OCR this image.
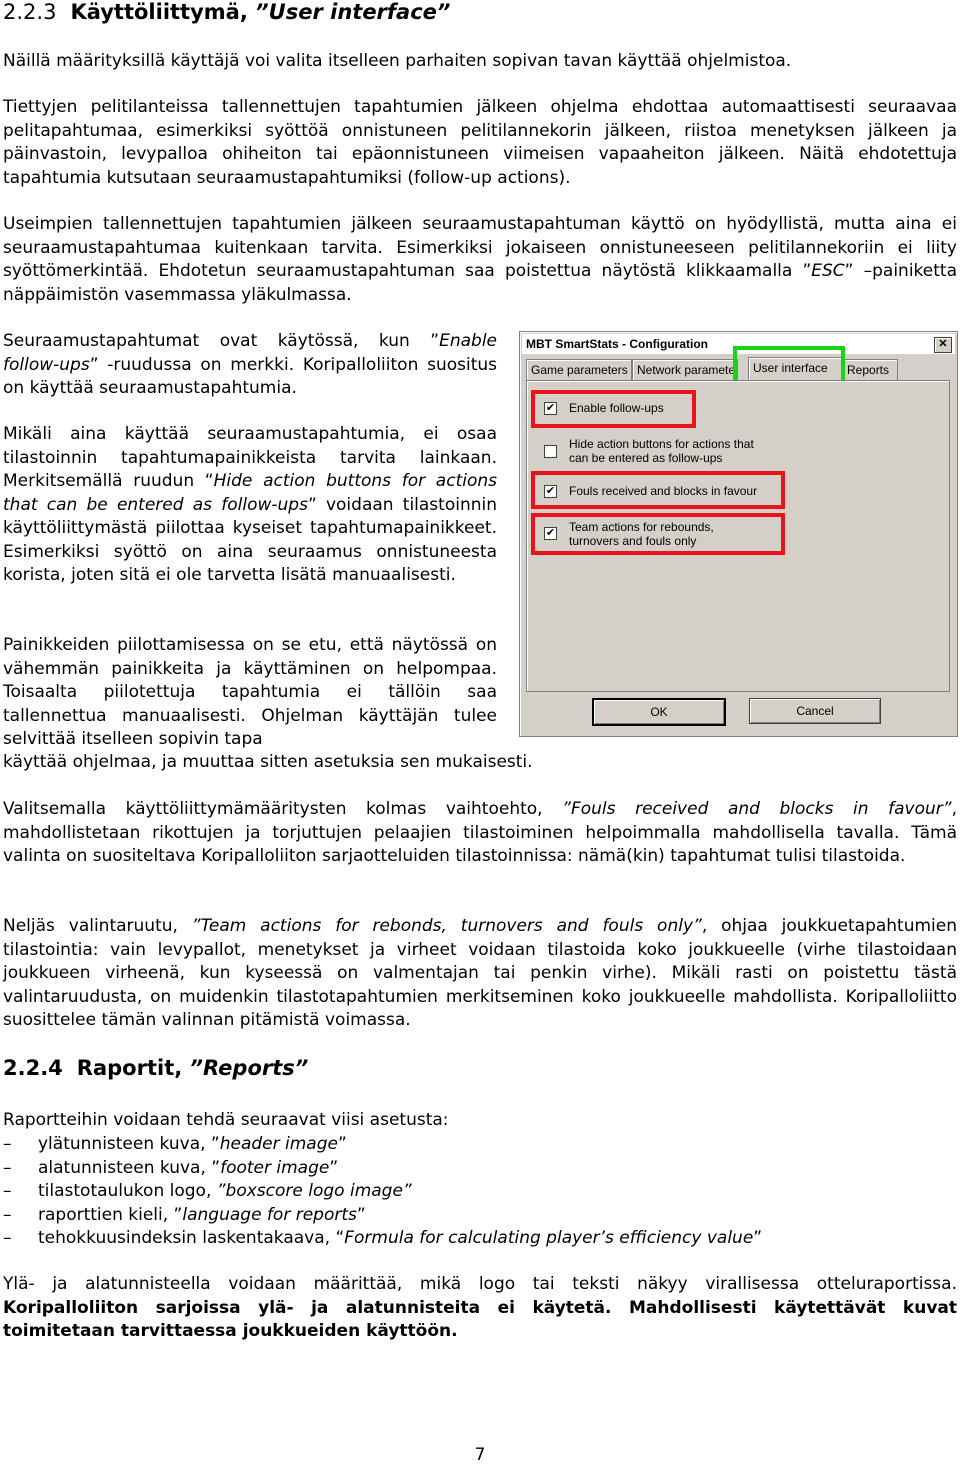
2.2.3 Käyttöliittymä, ”User interface”

Näillä määrityksillä käyttäjä voi valita itselleen parhaiten sopivan tavan käyttää ohjelmistoa.

Tiettyjen pelitilanteissa tallennettujen tapahtumien jälkeen ohjelma ehdottaa automaattisesti seuraavaa pelitapahtumaa, esimerkiksi syöttöä onnistuneen pelitilannekorin jälkeen, riistoa menetyksen jälkeen ja päinvastoin, levypalloa ohiheiton tai epäonnistuneen viimeisen vapaaheiton jälkeen. Näitä ehdotettuja tapahtumia kutsutaan seuraamustapahtumiksi (follow-up actions).

Useimpien tallennettujen tapahtumien jälkeen seuraamustapahtuman käyttö on hyödyllistä, mutta aina ei seuraamustapahtumaa kuitenkaan tarvita. Esimerkiksi jokaiseen onnistuneeseen pelitilannekoriin ei liity syöttömerkintää. Ehdotetun seuraamustapahtuman saa poistettua näytöstä klikkaamalla ”ESC” –painiketta näppäimistön vasemmassa yläkulmassa.

Seuraamustapahtumat ovat käytössä, kun ”Enable follow-ups” -ruudussa on merkki. Koripalloliiton suositus on käyttää seuraamustapahtumia.

Mikäli aina käyttää seuraamustapahtumia, ei osaa tilastoinnin tapahtumapainikkeista tarvita lainkaan. Merkitsemällä ruudun “Hide action buttons for actions that can be entered as follow-ups” voidaan tilastoinnin käyttöliittymästä piilottaa kyseiset tapahtumapainikkeet. Esimerkiksi syöttö on aina seuraamus onnistuneesta korista, joten sitä ei ole tarvetta lisätä manuaalisesti.

Painikkeiden piilottamisessa on se etu, että näytössä on vähemmän painikkeita ja käyttäminen on helpompaa. Toisaalta piilotettuja tapahtumia ei tällöin saa tallennettua manuaalisesti. Ohjelman käyttäjän tulee selvittää itselleen sopivin tapa

käyttää ohjelmaa, ja muuttaa sitten asetuksia sen mukaisesti.

Valitsemalla käyttöliittymämääritysten kolmas vaihtoehto, ”Fouls received and blocks in favour”, mahdollistetaan rikottujen ja torjuttujen pelaajien tilastoiminen helpoimmalla mahdollisella tavalla. Tämä valinta on suositeltava Koripalloliiton sarjaotteluiden tilastoinnissa: nämä(kin) tapahtumat tulisi tilastoida.

Neljäs valintaruutu, ”Team actions for rebonds, turnovers and fouls only”, ohjaa joukkuetapahtumien tilastointia: vain levypallot, menetykset ja virheet voidaan tilastoida koko joukkueelle (virhe tilastoidaan joukkueen virheenä, kun kyseessä on valmentajan tai penkin virhe). Mikäli rasti on poistettu tästä valintaruudusta, on muidenkin tilastotapahtumien merkitseminen koko joukkueelle mahdollista. Koripalloliitto suosittelee tämän valinnan pitämistä voimassa.

2.2.4 Raportit, ”Reports”

Raportteihin voidaan tehdä seuraavat viisi asetusta:

– ylätunnisteen kuva, ”header image”
– alatunnisteen kuva, ”footer image”
– tilastotaulukon logo, ”boxscore logo image”
– raporttien kieli, ”language for reports”
– tehokkuusindeksin laskentakaava, “Formula for calculating player’s efficiency value”

Ylä- ja alatunnisteella voidaan määrittää, mikä logo tai teksti näkyy virallisessa otteluraportissa. Koripalloliiton sarjoissa ylä- ja alatunnisteita ei käytetä. Mahdollisesti käytettävät kuvat toimitetaan tarvittaessa joukkueiden käyttöön.

MBT SmartStats - Configuration	✕
Game parameters Network paramete	User interface	Reports
✔ Enable follow-ups
Hide action buttons for actions that can be entered as follow-ups
✔ Fouls received and blocks in favour
✔ Team actions for rebounds, turnovers and fouls only
OK	Cancel
7
